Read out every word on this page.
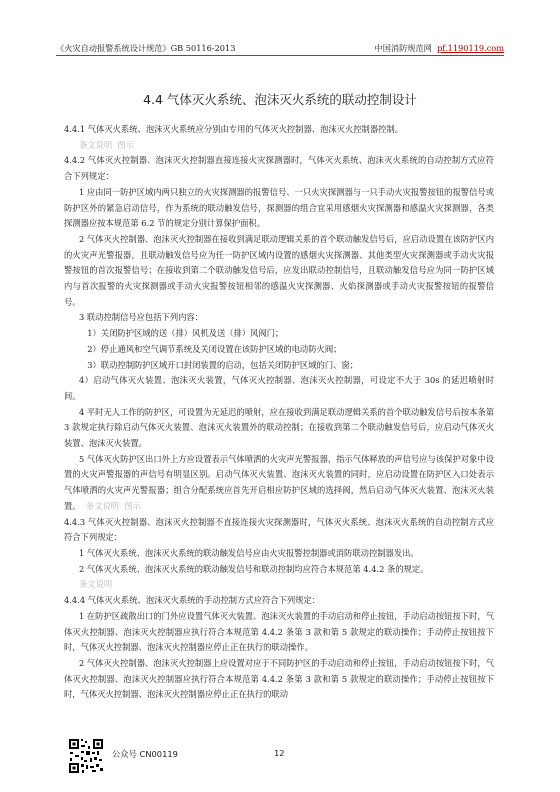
《火灾自动报警系统设计规范》GB 50116-2013	中国消防规范网 pf.1190119.com
4.4 气体灭火系统、泡沫灭火系统的联动控制设计

4.4.1 气体灭火系统、泡沫灭火系统应分别由专用的气体灭火控制器、泡沫灭火控制器控制。

条文说明 图示

4.4.2 气体灭火控制器、泡沫灭火控制器直接连接火灾探测器时，气体灭火系统、泡沫灭火系统的自动控制方式应符合下列规定：

1 应由同一防护区域内两只独立的火灾探测器的报警信号、一只火灾探测器与一只手动火灾报警按钮的报警信号或防护区外的紧急启动信号，作为系统的联动触发信号，探测器的组合宜采用感烟火灾探测器和感温火灾探测器，各类探测器应按本规范第 6.2 节的规定分别计算保护面积。

2 气体灭火控制器、泡沫灭火控制器在接收到满足联动逻辑关系的首个联动触发信号后，应启动设置在该防护区内的火灾声光警报器，且联动触发信号应为任一防护区域内设置的感烟火灾探测器、其他类型火灾探测器或手动火灾报警按钮的首次报警信号；在接收到第二个联动触发信号后，应发出联动控制信号，且联动触发信号应为同一防护区域内与首次报警的火灾探测器或手动火灾报警按钮相邻的感温火灾探测器、火焰探测器或手动火灾报警按钮的报警信号。

3 联动控制信号应包括下列内容：

1）关闭防护区域的送（排）风机及送（排）风阀门；

2）停止通风和空气调节系统及关闭设置在该防护区域的电动防火阀；

3）联动控制防护区域开口封闭装置的启动，包括关闭防护区域的门、窗；

4）启动气体灭火装置、泡沫灭火装置，气体灭火控制器、泡沫灭火控制器，可设定不大于 30s 的延迟喷射时间。

4 平时无人工作的防护区，可设置为无延迟的喷射，应在接收到满足联动逻辑关系的首个联动触发信号后按本条第 3 款规定执行除启动气体灭火装置、泡沫灭火装置外的联动控制；在接收到第二个联动触发信号后，应启动气体灭火装置、泡沫灭火装置。

5 气体灭火防护区出口外上方应设置表示气体喷洒的火灾声光警报器，指示气体释放的声信号应与该保护对象中设置的火灾声警报器的声信号有明显区别。启动气体灭火装置、泡沫灭火装置的同时，应启动设置在防护区入口处表示气体喷洒的火灾声光警报器；组合分配系统应首先开启相应防护区域的选择阀，然后启动气体灭火装置、泡沫灭火装置。 条文说明 图示

4.4.3 气体灭火控制器、泡沫灭火控制器不直接连接火灾探测器时，气体灭火系统、泡沫灭火系统的自动控制方式应符合下列规定：

1 气体灭火系统、泡沫灭火系统的联动触发信号应由火灾报警控制器或消防联动控制器发出。

2 气体灭火系统、泡沫灭火系统的联动触发信号和联动控制均应符合本规范第 4.4.2 条的规定。

条文说明

4.4.4 气体灭火系统、泡沫灭火系统的手动控制方式应符合下列规定：

1 在防护区疏散出口的门外应设置气体灭火装置、泡沫灭火装置的手动启动和停止按钮，手动启动按钮按下时，气体灭火控制器、泡沫灭火控制器应执行符合本规范第 4.4.2 条第 3 款和第 5 款规定的联动操作；手动停止按钮按下时，气体灭火控制器、泡沫灭火控制器应停止正在执行的联动操作。

2 气体灭火控制器、泡沫灭火控制器上应设置对应于不同防护区的手动启动和停止按钮，手动启动按钮按下时，气体灭火控制器、泡沫灭火控制器应执行符合本规范第 4.4.2 条第 3 款和第 5 款规定的联动操作；手动停止按钮按下时，气体灭火控制器、泡沫灭火控制器应停止正在执行的联动

公众号 CN00119	12
